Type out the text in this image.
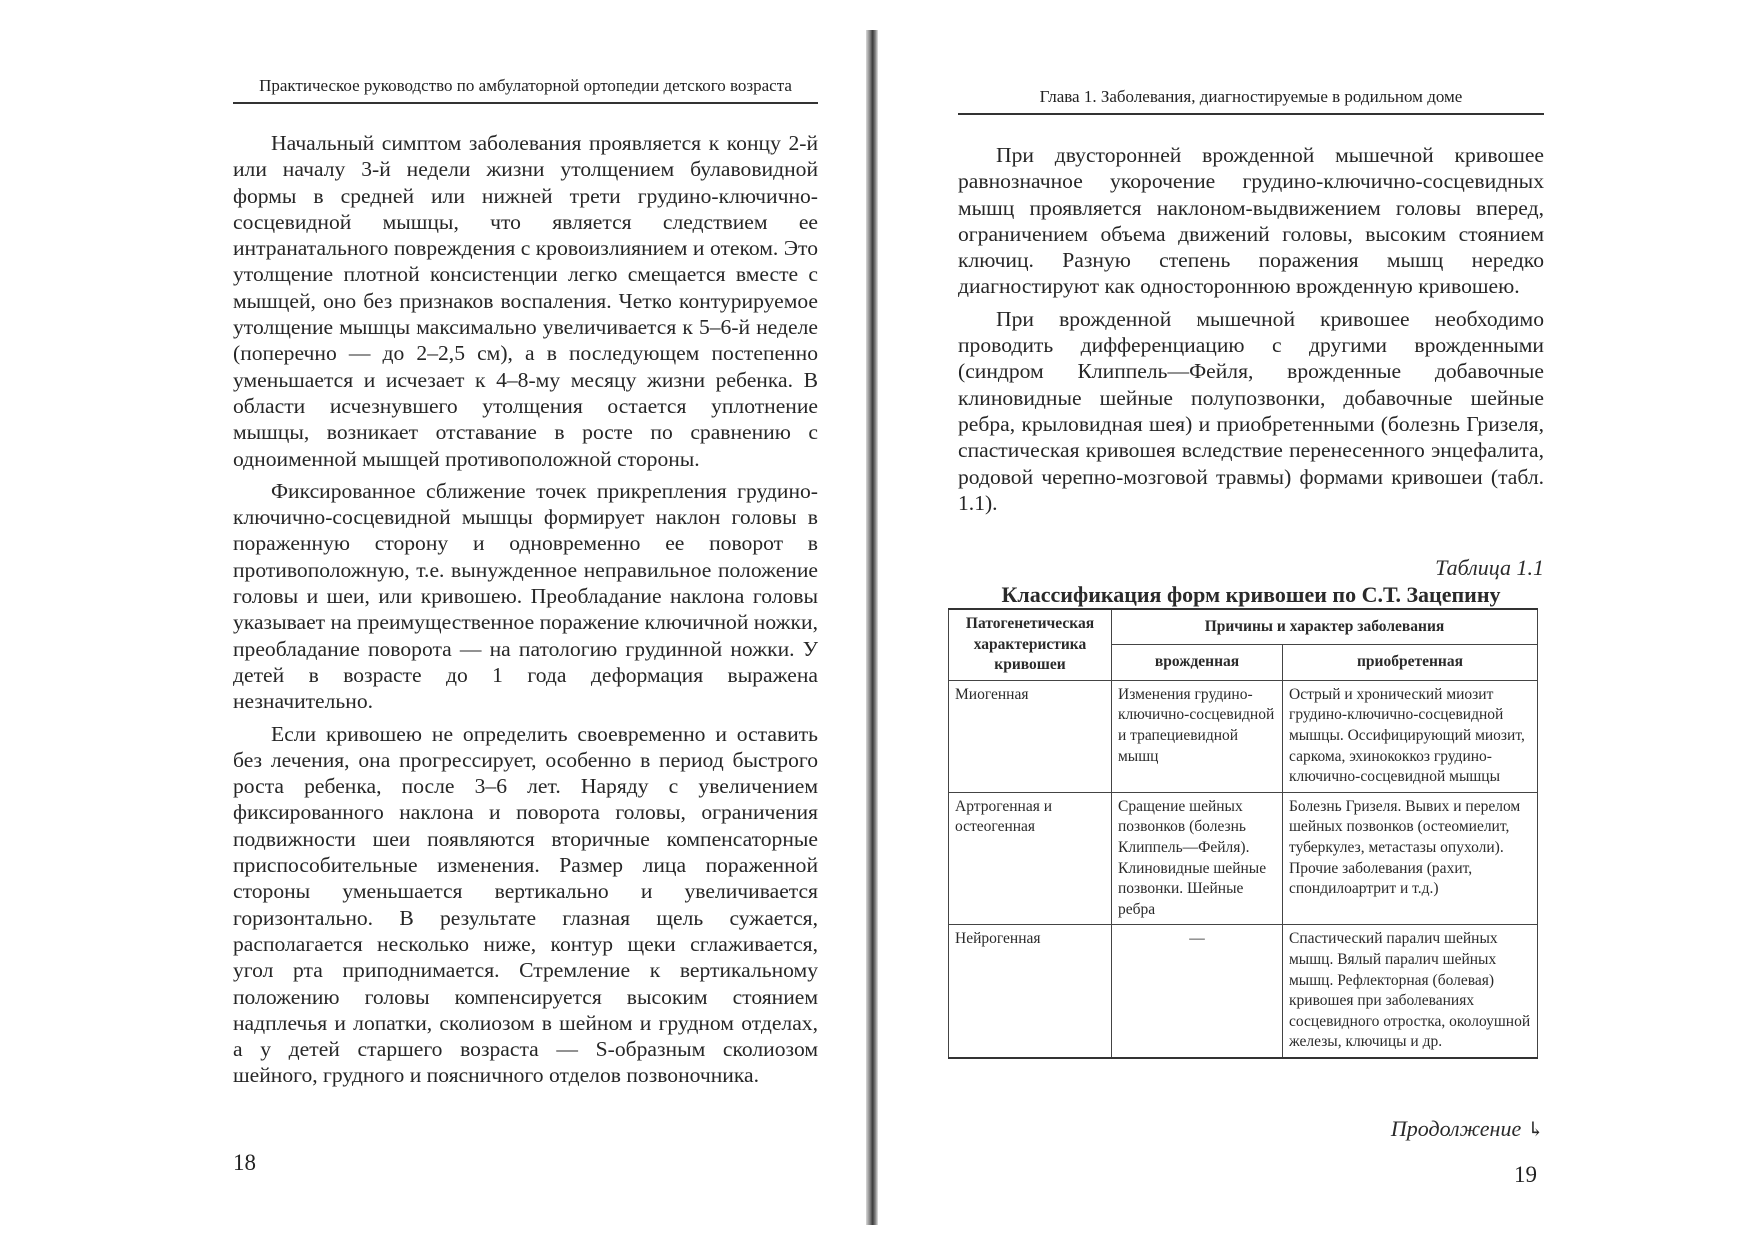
Практическое руководство по амбулаторной ортопедии детского возраста

Начальный симптом заболевания проявляется к концу 2-й или началу 3-й недели жизни утолщением булавовидной формы в средней или нижней трети грудино-ключично-сосцевидной мышцы, что является следствием ее интранатального повреждения с кровоизлиянием и отеком. Это утолщение плотной консистенции легко смещается вместе с мышцей, оно без признаков воспаления. Четко контурируемое утолщение мышцы максимально увеличивается к 5–6-й неделе (поперечно — до 2–2,5 см), а в последующем постепенно уменьшается и исчезает к 4–8-му месяцу жизни ребенка. В области исчезнувшего утолщения остается уплотнение мышцы, возникает отставание в росте по сравнению с одноименной мышцей противоположной стороны.

Фиксированное сближение точек прикрепления грудино-ключично-сосцевидной мышцы формирует наклон головы в пораженную сторону и одновременно ее поворот в противоположную, т.е. вынужденное неправильное положение головы и шеи, или кривошею. Преобладание наклона головы указывает на преимущественное поражение ключичной ножки, преобладание поворота — на патологию грудинной ножки. У детей в возрасте до 1 года деформация выражена незначительно.

Если кривошею не определить своевременно и оставить без лечения, она прогрессирует, особенно в период быстрого роста ребенка, после 3–6 лет. Наряду с увеличением фиксированного наклона и поворота головы, ограничения подвижности шеи появляются вторичные компенсаторные приспособительные изменения. Размер лица пораженной стороны уменьшается вертикально и увеличивается горизонтально. В результате глазная щель сужается, располагается несколько ниже, контур щеки сглаживается, угол рта приподнимается. Стремление к вертикальному положению головы компенсируется высоким стоянием надплечья и лопатки, сколиозом в шейном и грудном отделах, а у детей старшего возраста — S-образным сколиозом шейного, грудного и поясничного отделов позвоночника.

18
Глава 1. Заболевания, диагностируемые в родильном доме

При двусторонней врожденной мышечной кривошее равнозначное укорочение грудино-ключично-сосцевидных мышц проявляется наклоном-выдвижением головы вперед, ограничением объема движений головы, высоким стоянием ключиц. Разную степень поражения мышц нередко диагностируют как одностороннюю врожденную кривошею.

При врожденной мышечной кривошее необходимо проводить дифференциацию с другими врожденными (синдром Клиппель—Фейля, врожденные добавочные клиновидные шейные полупозвонки, добавочные шейные ребра, крыловидная шея) и приобретенными (болезнь Гризеля, спастическая кривошея вследствие перенесенного энцефалита, родовой черепно-мозговой травмы) формами кривошеи (табл. 1.1).

Таблица 1.1
Классификация форм кривошеи по С.Т. Зацепину
Патогенетическая характеристика кривошеи	Причины и характер заболевания	
	врожденная	приобретенная
Миогенная	Изменения грудино-ключично-сосцевидной и трапециевидной мышц	Острый и хронический миозит грудино-ключично-сосцевидной мышцы. Оссифицирующий миозит, саркома, эхинококкоз грудино-ключично-сосцевидной мышцы
Артрогенная и остеогенная	Сращение шейных позвонков (болезнь Клиппель—Фейля). Клиновидные шейные позвонки. Шейные ребра	Болезнь Гризеля. Вывих и перелом шейных позвонков (остеомиелит, туберкулез, метастазы опухоли). Прочие заболевания (рахит, спондилоартрит и т.д.)
Нейрогенная	—	Спастический паралич шейных мышц. Вялый паралич шейных мышц. Рефлекторная (болевая) кривошея при заболеваниях сосцевидного отростка, околоушной железы, ключицы и др.
Продолжение ↳
19
